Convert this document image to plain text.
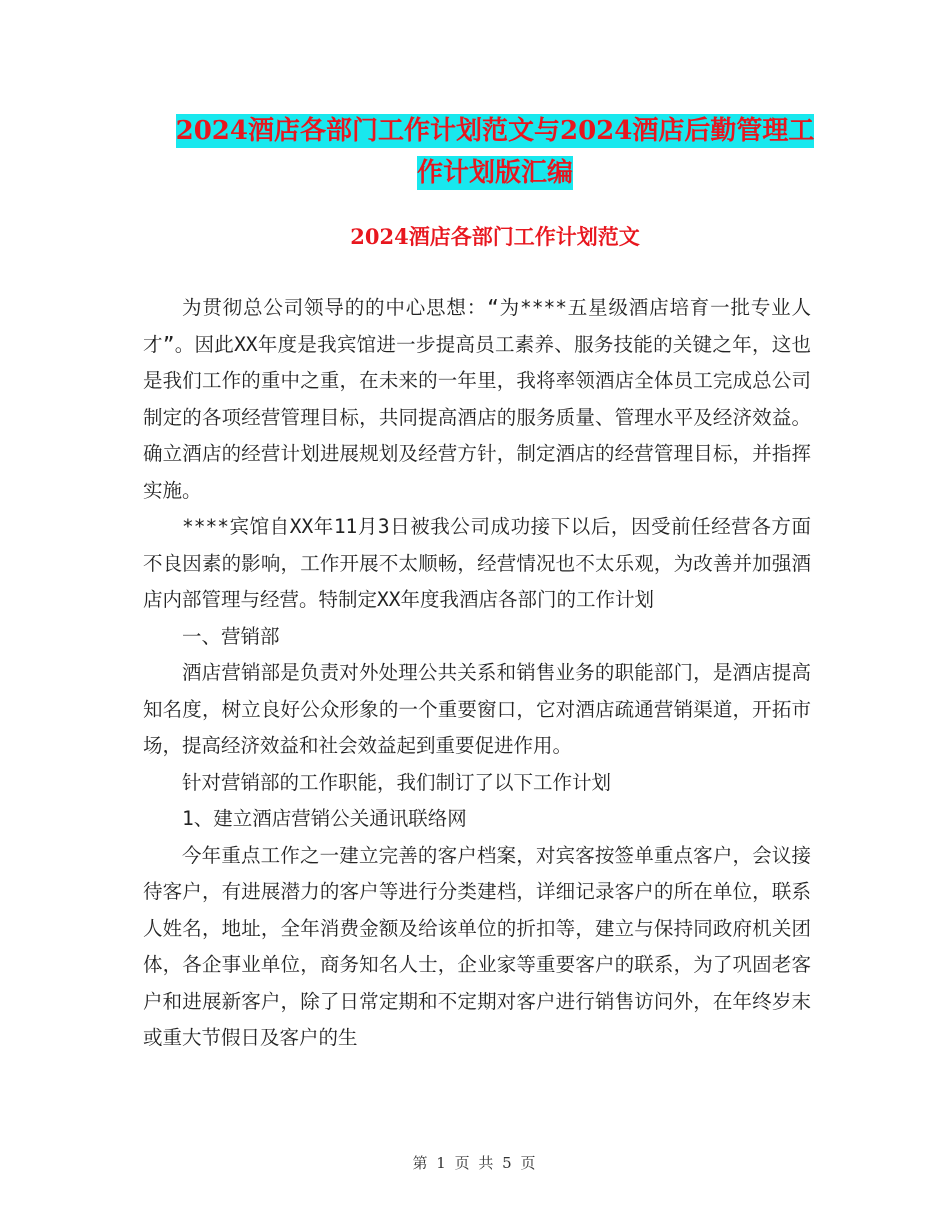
2024酒店各部门工作计划范文与2024酒店后勤管理工
作计划版汇编
2024酒店各部门工作计划范文

为贯彻总公司领导的的中心思想：“为****五星级酒店培育一批专业人才”。因此XX年度是我宾馆进一步提高员工素养、服务技能的关键之年，这也是我们工作的重中之重，在未来的一年里，我将率领酒店全体员工完成总公司制定的各项经营管理目标，共同提高酒店的服务质量、管理水平及经济效益。确立酒店的经营计划进展规划及经营方针，制定酒店的经营管理目标，并指挥实施。

****宾馆自XX年11月3日被我公司成功接下以后，因受前任经营各方面不良因素的影响，工作开展不太顺畅，经营情况也不太乐观，为改善并加强酒店内部管理与经营。特制定XX年度我酒店各部门的工作计划

一、营销部

酒店营销部是负责对外处理公共关系和销售业务的职能部门，是酒店提高知名度，树立良好公众形象的一个重要窗口，它对酒店疏通营销渠道，开拓市场，提高经济效益和社会效益起到重要促进作用。

针对营销部的工作职能，我们制订了以下工作计划

1、建立酒店营销公关通讯联络网

今年重点工作之一建立完善的客户档案，对宾客按签单重点客户，会议接待客户，有进展潜力的客户等进行分类建档，详细记录客户的所在单位，联系人姓名，地址，全年消费金额及给该单位的折扣等，建立与保持同政府机关团体，各企事业单位，商务知名人士，企业家等重要客户的联系，为了巩固老客户和进展新客户，除了日常定期和不定期对客户进行销售访问外，在年终岁末或重大节假日及客户的生

第 1 页 共 5 页
